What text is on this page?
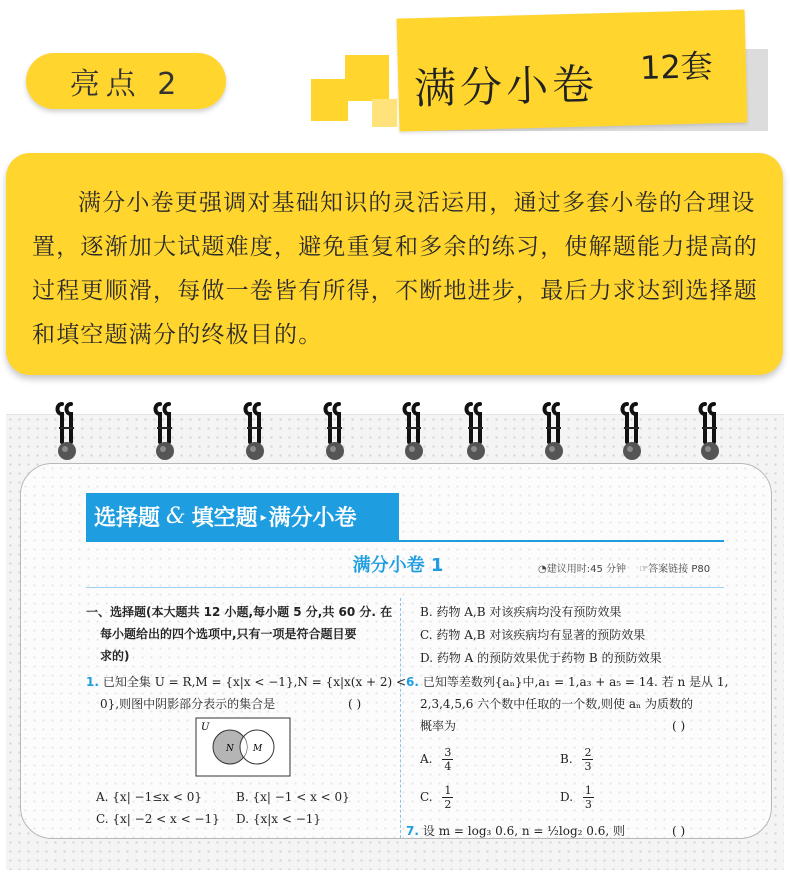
亮点 2	满分小卷 12套

满分小卷更强调对基础知识的灵活运用，通过多套小卷的合理设置，逐渐加大试题难度，避免重复和多余的练习，使解题能力提高的过程更顺滑，每做一卷皆有所得，不断地进步，最后力求达到选择题和填空题满分的终极目的。

选择题 & 填空题 ▸ 满分小卷
满分小卷 1	◔建议用时:45 分钟 ☞答案链接 P80
一、选择题(本大题共 12 小题,每小题 5 分,共 60 分. 在
每小题给出的四个选项中,只有一项是符合题目要
求的)
1. 已知全集 U = R,M = {x|x < −1},N = {x|x(x + 2) <
0},则图中阴影部分表示的集合是	( )
U
N M
A. {x| −1≤x < 0}	B. {x| −1 < x < 0}
C. {x| −2 < x < −1} D. {x|x < −1}
B. 药物 A,B 对该疾病均没有预防效果
C. 药物 A,B 对该疾病均有显著的预防效果
D. 药物 A 的预防效果优于药物 B 的预防效果
6. 已知等差数列{aₙ}中,a₁ = 1,a₃ + a₅ = 14. 若 n 是从 1,
2,3,4,5,6 六个数中任取的一个数,则使 aₙ 为质数的
概率为	( )
A. $\frac{3}{4}$	B. $\frac{2}{3}$
C. $\frac{1}{2}$	D. $\frac{1}{3}$
7. 设 m = log₃ 0.6, n = ½log₂ 0.6, 则	( )
